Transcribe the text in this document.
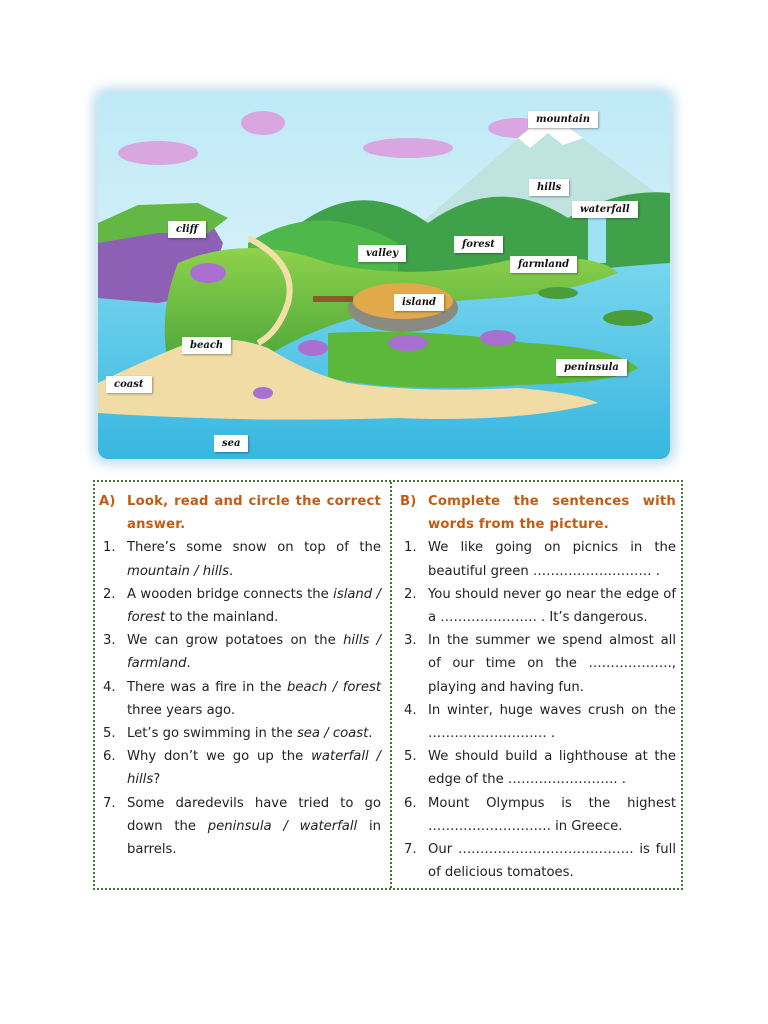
mountain
hills
waterfall
cliff
forest
valley
farmland
island
beach
coast
peninsula
sea
A) Look, read and circle the correct answer.
1. There’s some snow on top of the mountain / hills.
2. A wooden bridge connects the island / forest to the mainland.
3. We can grow potatoes on the hills / farmland.
4. There was a fire in the beach / forest three years ago.
5. Let’s go swimming in the sea / coast.
6. Why don’t we go up the waterfall / hills?
7. Some daredevils have tried to go down the peninsula / waterfall in barrels.
B) Complete the sentences with words from the picture.
1. We like going on picnics in the beautiful green ……………………… .
2. You should never go near the edge of a …………………. . It’s dangerous.
3. In the summer we spend almost all of our time on the ………………., playing and having fun.
4. In winter, huge waves crush on the ……………………… .
5. We should build a lighthouse at the edge of the ……………………. .
6. Mount Olympus is the highest ………………………. in Greece.
7. Our …………………………………. is full of delicious tomatoes.
